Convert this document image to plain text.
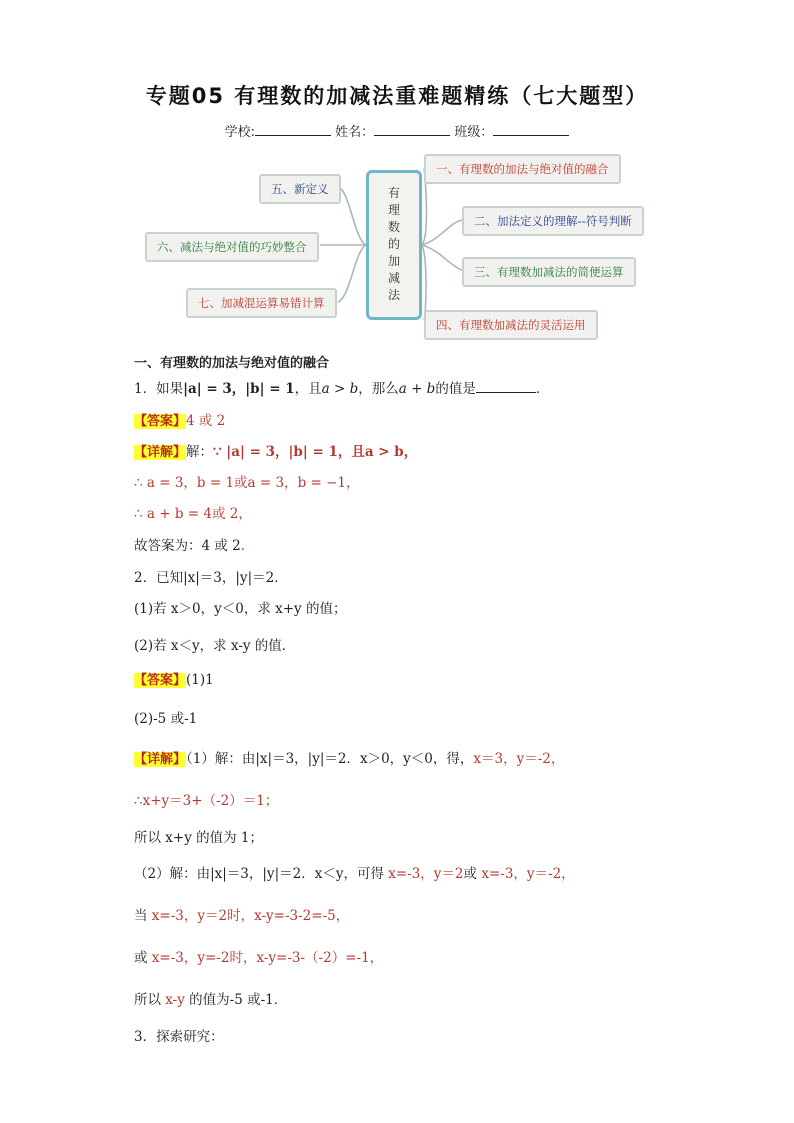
专题05 有理数的加减法重难题精练（七大题型）
学校:	姓名：	班级：
有
理
数
的
加
减
法
一、有理数的加法与绝对值的融合
二、加法定义的理解--符号判断
三、有理数加减法的简便运算
四、有理数加减法的灵活运用
五、新定义
六、减法与绝对值的巧妙整合
七、加减混运算易错计算
一、有理数的加法与绝对值的融合
1．如果|a| = 3，|b| = 1，且a > b，那么a + b的值是	．
【答案】4 或 2
【详解】解：∵ |a| = 3，|b| = 1，且a > b，
∴ a = 3，b = 1或a = 3，b = −1，
∴ a + b = 4或 2，
故答案为：4 或 2．
2．已知|x|＝3，|y|＝2．
(1)若 x＞0，y＜0，求 x+y 的值；
(2)若 x＜y，求 x-y 的值．
【答案】(1)1
(2)-5 或-1
【详解】（1）解：由|x|＝3，|y|＝2．x＞0，y＜0，得，x＝3，y＝-2，
∴x+y＝3+（-2）＝1；
所以 x+y 的值为 1；
（2）解：由|x|＝3，|y|＝2．x＜y，可得 x=-3，y＝2或 x=-3，y＝-2，
当 x=-3，y＝2时，x-y=-3-2=-5，
或 x=-3，y=-2时，x-y=-3-（-2）=-1，
所以 x-y 的值为-5 或-1．
3．探索研究：
